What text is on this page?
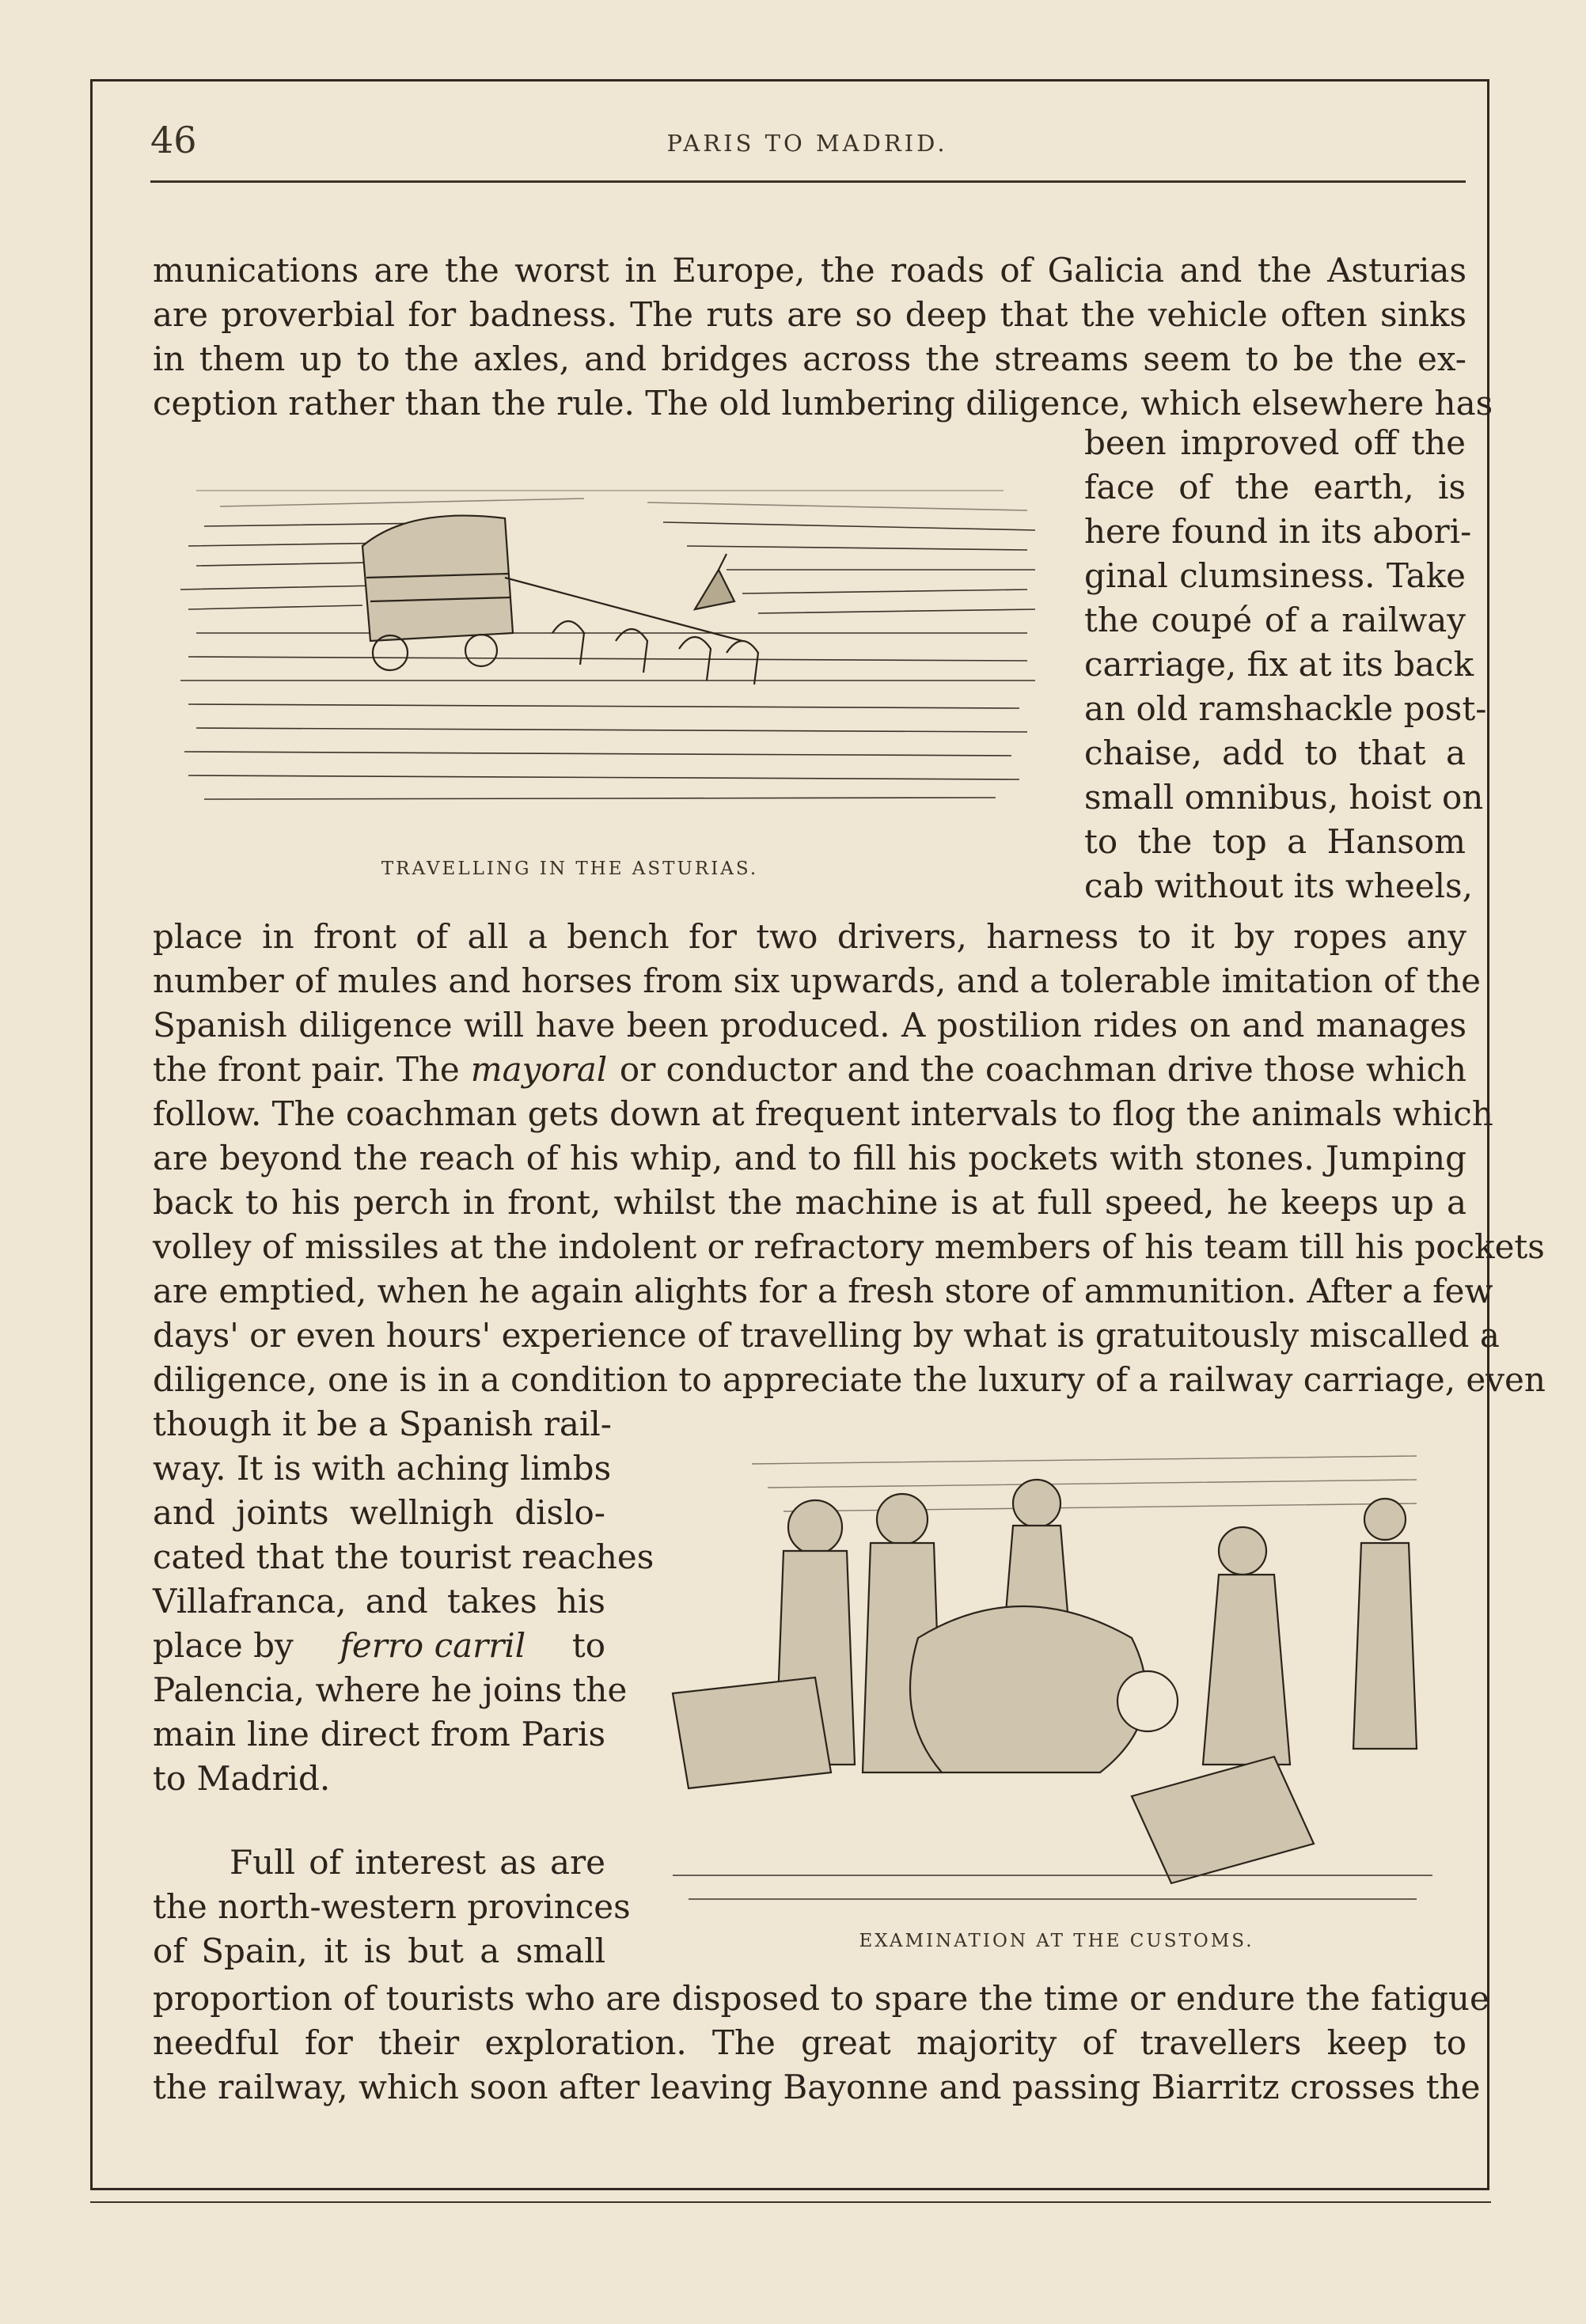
46	PARIS TO MADRID.
munications are the worst in Europe, the roads of Galicia and the Asturias
are proverbial for badness. The ruts are so deep that the vehicle often sinks
in them up to the axles, and bridges across the streams seem to be the ex-
ception rather than the rule. The old lumbering diligence, which elsewhere has
been improved off the
face of the earth, is
here found in its abori-
ginal clumsiness. Take
the coupé of a railway
carriage, fix at its back
an old ramshackle post-
chaise, add to that a
small omnibus, hoist on
to the top a Hansom
cab without its wheels,
TRAVELLING IN THE ASTURIAS.
place in front of all a bench for two drivers, harness to it by ropes any
number of mules and horses from six upwards, and a tolerable imitation of the
Spanish diligence will have been produced. A postilion rides on and manages
the front pair. The mayoral or conductor and the coachman drive those which
follow. The coachman gets down at frequent intervals to flog the animals which
are beyond the reach of his whip, and to fill his pockets with stones. Jumping
back to his perch in front, whilst the machine is at full speed, he keeps up a
volley of missiles at the indolent or refractory members of his team till his pockets
are emptied, when he again alights for a fresh store of ammunition. After a few
days' or even hours' experience of travelling by what is gratuitously miscalled a
diligence, one is in a condition to appreciate the luxury of a railway carriage, even
though it be a Spanish rail-
way. It is with aching limbs
and joints wellnigh dislo-
cated that the tourist reaches
Villafranca, and takes his
place by ferro carril to
Palencia, where he joins the
main line direct from Paris
to Madrid.
Full of interest as are
the north-western provinces
of Spain, it is but a small	EXAMINATION AT THE CUSTOMS.
proportion of tourists who are disposed to spare the time or endure the fatigue
needful for their exploration. The great majority of travellers keep to
the railway, which soon after leaving Bayonne and passing Biarritz crosses the
